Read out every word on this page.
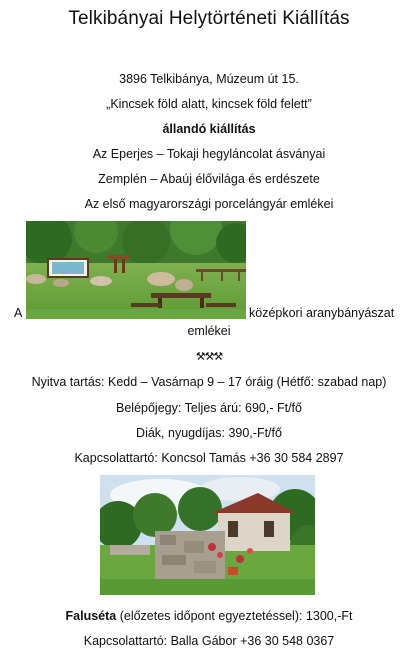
Telkibányai Helytörténeti Kiállítás
3896 Telkibánya, Múzeum út 15.
„Kincsek föld alatt, kincsek föld felett”
állandó kiállítás
Az Eperjes – Tokaji hegyláncolat ásványai
Zemplén – Abaúj élővilága és erdészete
Az első magyarországi porcelángyár emlékei
A	középkori aranybányászat
emlékei
⚒⚒⚒
Nyitva tartás: Kedd – Vasárnap 9 – 17 óráig (Hétfő: szabad nap)
Belépőjegy: Teljes árú: 690,- Ft/fő
Diák, nyugdíjas: 390,-Ft/fő
Kapcsolattartó: Koncsol Tamás +36 30 584 2897
Faluséta (előzetes időpont egyeztetéssel): 1300,-Ft
Kapcsolattartó: Balla Gábor +36 30 548 0367
